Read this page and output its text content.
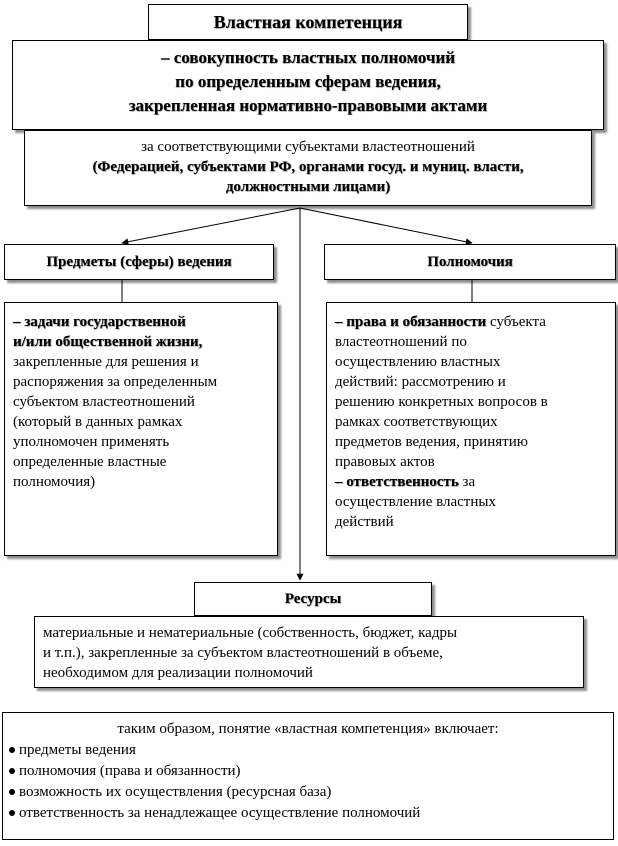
Властная компетенция
– совокупность властных полномочий
по определенным сферам ведения,
закрепленная нормативно-правовыми актами
за соответствующими субъектами властеотношений
(Федерацией, субъектами РФ, органами госуд. и муниц. власти,
должностными лицами)
Предметы (сферы) ведения	Полномочия
– задачи государственной
и/или общественной жизни,
закрепленные для решения и
распоряжения за определенным
субъектом властеотношений
(который в данных рамках
уполномочен применять
определенные властные
полномочия)
– права и обязанности субъекта
властеотношений по
осуществлению властных
действий: рассмотрению и
решению конкретных вопросов в
рамках соответствующих
предметов ведения, принятию
правовых актов
– ответственность за
осуществление властных
действий
Ресурсы
материальные и нематериальные (собственность, бюджет, кадры
и т.п.), закрепленные за субъектом властеотношений в объеме,
необходимом для реализации полномочий
таким образом, понятие «властная компетенция» включает:
предметы ведения
полномочия (права и обязанности)
возможность их осуществления (ресурсная база)
ответственность за ненадлежащее осуществление полномочий
